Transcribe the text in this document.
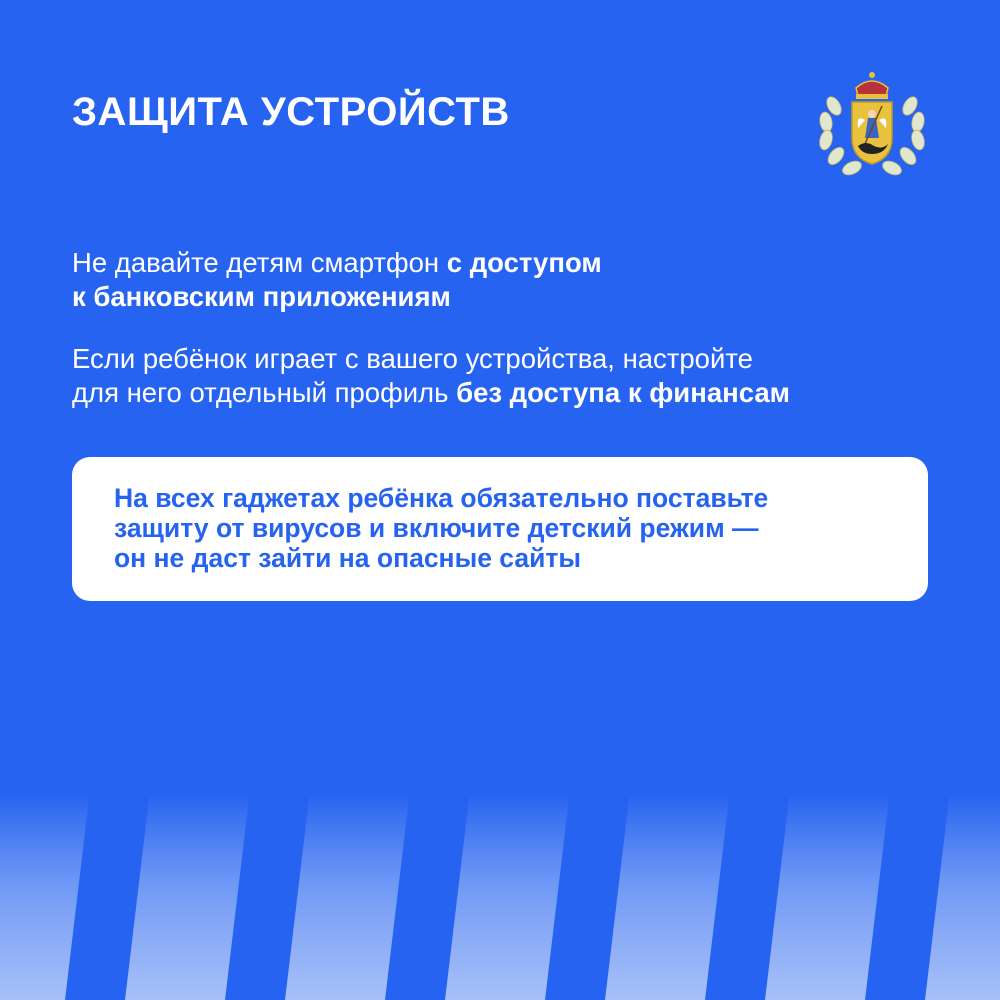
ЗАЩИТА УСТРОЙСТВ

Не давайте детям смартфон с доступом
к банковским приложениям

Если ребёнок играет с вашего устройства, настройте
для него отдельный профиль без доступа к финансам

На всех гаджетах ребёнка обязательно поставьте
защиту от вирусов и включите детский режим —
он не даст зайти на опасные сайты
